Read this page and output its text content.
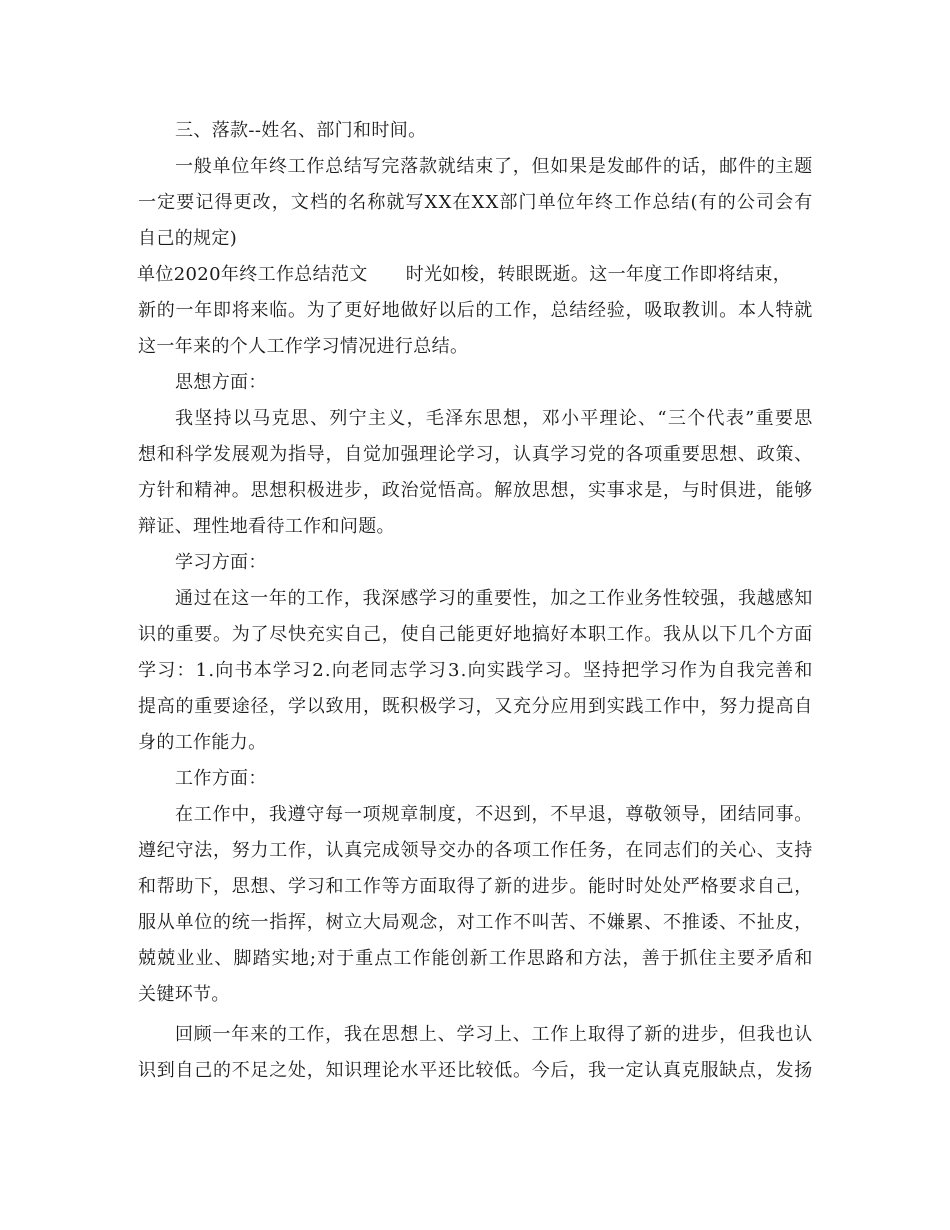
三、落款--姓名、部门和时间。
一 般 单 位 年 终 工 作 总 结 写 完 落 款 就 结 束 了 ， 但 如 果 是 发 邮 件 的 话 ， 邮 件 的 主 题
一 定 要 记 得 更 改 ， 文 档 的 名 称 就 写 X X 在 X X 部 门 单 位 年 终 工 作 总 结 ( 有 的 公 司 会 有
自己的规定)
单位2020年终工作总结范文 时光如梭，转眼既逝。这一年度工作即将结束，
新 的 一 年 即 将 来 临 。 为 了 更 好 地 做 好 以 后 的 工 作 ， 总 结 经 验 ， 吸 取 教 训 。 本 人 特 就
这一年来的个人工作学习情况进行总结。
思想方面：
我 坚 持 以 马 克 思 、 列 宁 主 义 ， 毛 泽 东 思 想 ， 邓 小 平 理 论 、 “ 三 个 代 表 ” 重 要 思
想 和 科 学 发 展 观 为 指 导 ， 自 觉 加 强 理 论 学 习 ， 认 真 学 习 党 的 各 项 重 要 思 想 、 政 策 、
方 针 和 精 神 。 思 想 积 极 进 步 ， 政 治 觉 悟 高 。 解 放 思 想 ， 实 事 求 是 ， 与 时 俱 进 ， 能 够
辩证、理性地看待工作和问题。
学习方面：
通 过 在 这 一 年 的 工 作 ， 我 深 感 学 习 的 重 要 性 ， 加 之 工 作 业 务 性 较 强 ， 我 越 感 知
识 的 重 要 。 为 了 尽 快 充 实 自 己 ， 使 自 己 能 更 好 地 搞 好 本 职 工 作 。 我 从 以 下 几 个 方 面
学 习 ： 1 . 向 书 本 学 习 2 . 向 老 同 志 学 习 3 . 向 实 践 学 习 。 坚 持 把 学 习 作 为 自 我 完 善 和
提 高 的 重 要 途 径 ， 学 以 致 用 ， 既 积 极 学 习 ， 又 充 分 应 用 到 实 践 工 作 中 ， 努 力 提 高 自
身的工作能力。
工作方面：
在 工 作 中 ， 我 遵 守 每 一 项 规 章 制 度 ， 不 迟 到 ， 不 早 退 ， 尊 敬 领 导 ， 团 结 同 事 。
遵 纪 守 法 ， 努 力 工 作 ， 认 真 完 成 领 导 交 办 的 各 项 工 作 任 务 ， 在 同 志 们 的 关 心 、 支 持
和 帮 助 下 ， 思 想 、 学 习 和 工 作 等 方 面 取 得 了 新 的 进 步 。 能 时 时 处 处 严 格 要 求 自 己 ，
服 从 单 位 的 统 一 指 挥 ， 树 立 大 局 观 念 ， 对 工 作 不 叫 苦 、 不 嫌 累 、 不 推 诿 、 不 扯 皮 ，
兢 兢 业 业 、 脚 踏 实 地 ; 对 于 重 点 工 作 能 创 新 工 作 思 路 和 方 法 ， 善 于 抓 住 主 要 矛 盾 和
关键环节。
回 顾 一 年 来 的 工 作 ， 我 在 思 想 上 、 学 习 上 、 工 作 上 取 得 了 新 的 进 步 ， 但 我 也 认
识 到 自 己 的 不 足 之 处 ， 知 识 理 论 水 平 还 比 较 低 。 今 后 ， 我 一 定 认 真 克 服 缺 点 ， 发 扬
